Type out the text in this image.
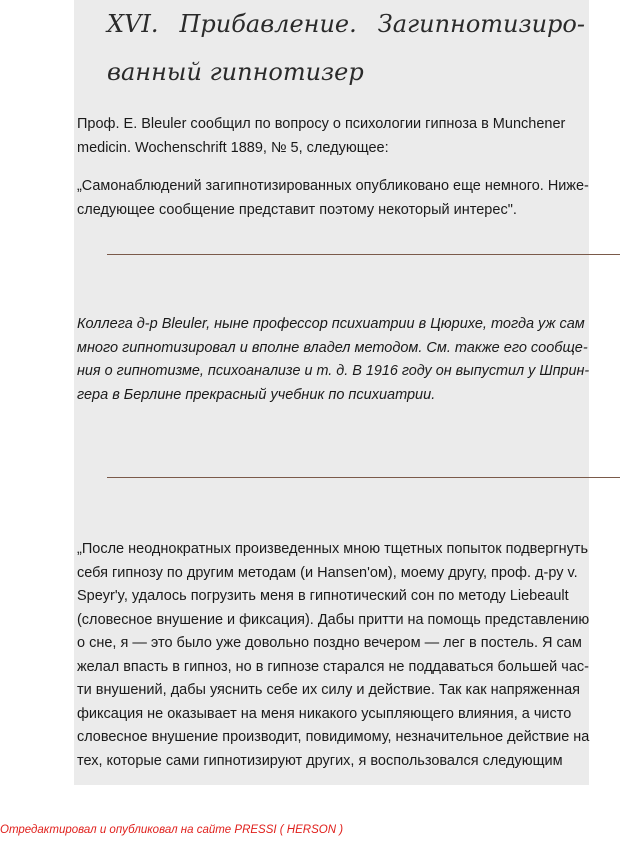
XVI. Прибавление. Загипнотизиро-
ванный гипнотизер

Проф. Е. Bleuler сообщил по вопросу о психологии гипноза в Munchener
medicin. Wochenschrift 1889, № 5, следующее:

„Самонаблюдений загипнотизированных опубликовано еще немного. Ниже-
следующее сообщение представит поэтому некоторый интерес".

Коллега д-р Bleuler, ныне профессор психиатрии в Цюрихе, тогда уж сам
много гипнотизировал и вполне владел методом. См. также его сообще-
ния о гипнотизме, психоанализе и т. д. В 1916 году он выпустил у Шприн-
гера в Берлине прекрасный учебник по психиатрии.

„После неоднократных произведенных мною тщетных попыток подвергнуть
себя гипнозу по другим методам (и Hansen'ом), моему другу, проф. д-ру v.
Speyr'y, удалось погрузить меня в гипнотический сон по методу Liebeault
(словесное внушение и фиксация). Дабы притти на помощь представлению
о сне, я — это было уже довольно поздно вечером — лег в постель. Я сам
желал впасть в гипноз, но в гипнозе старался не поддаваться большей час-
ти внушений, дабы уяснить себе их силу и действие. Так как напряженная
фиксация не оказывает на меня никакого усыпляющего влияния, а чисто
словесное внушение производит, повидимому, незначительное действие на
тех, которые сами гипнотизируют других, я воспользовался следующим

Отредактировал и опубликовал на сайте PRESSI ( HERSON )
